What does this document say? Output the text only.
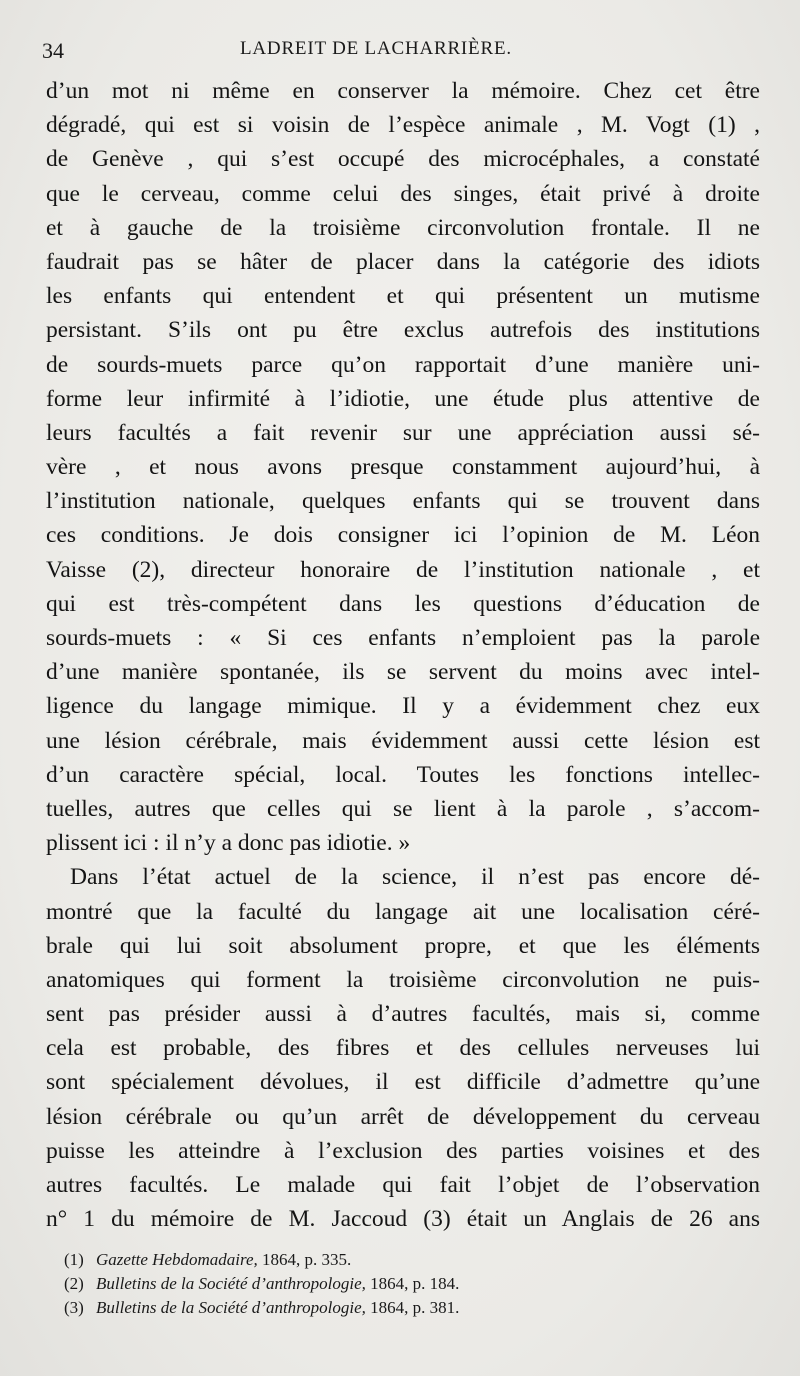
34	LADREIT DE LACHARRIÈRE.
d’un mot ni même en conserver la mémoire. Chez cet être
dégradé, qui est si voisin de l’espèce animale , M. Vogt (1) ,
de Genève , qui s’est occupé des microcéphales, a constaté
que le cerveau, comme celui des singes, était privé à droite
et à gauche de la troisième circonvolution frontale. Il ne
faudrait pas se hâter de placer dans la catégorie des idiots
les enfants qui entendent et qui présentent un mutisme
persistant. S’ils ont pu être exclus autrefois des institutions
de sourds-muets parce qu’on rapportait d’une manière uni-
forme leur infirmité à l’idiotie, une étude plus attentive de
leurs facultés a fait revenir sur une appréciation aussi sé-
vère , et nous avons presque constamment aujourd’hui, à
l’institution nationale, quelques enfants qui se trouvent dans
ces conditions. Je dois consigner ici l’opinion de M. Léon
Vaisse (2), directeur honoraire de l’institution nationale , et
qui est très-compétent dans les questions d’éducation de
sourds-muets : « Si ces enfants n’emploient pas la parole
d’une manière spontanée, ils se servent du moins avec intel-
ligence du langage mimique. Il y a évidemment chez eux
une lésion cérébrale, mais évidemment aussi cette lésion est
d’un caractère spécial, local. Toutes les fonctions intellec-
tuelles, autres que celles qui se lient à la parole , s’accom-
plissent ici : il n’y a donc pas idiotie. »
Dans l’état actuel de la science, il n’est pas encore dé-
montré que la faculté du langage ait une localisation céré-
brale qui lui soit absolument propre, et que les éléments
anatomiques qui forment la troisième circonvolution ne puis-
sent pas présider aussi à d’autres facultés, mais si, comme
cela est probable, des fibres et des cellules nerveuses lui
sont spécialement dévolues, il est difficile d’admettre qu’une
lésion cérébrale ou qu’un arrêt de développement du cerveau
puisse les atteindre à l’exclusion des parties voisines et des
autres facultés. Le malade qui fait l’objet de l’observation
n° 1 du mémoire de M. Jaccoud (3) était un Anglais de 26 ans
(1) Gazette Hebdomadaire, 1864, p. 335.
(2) Bulletins de la Société d’anthropologie, 1864, p. 184.
(3) Bulletins de la Société d’anthropologie, 1864, p. 381.
